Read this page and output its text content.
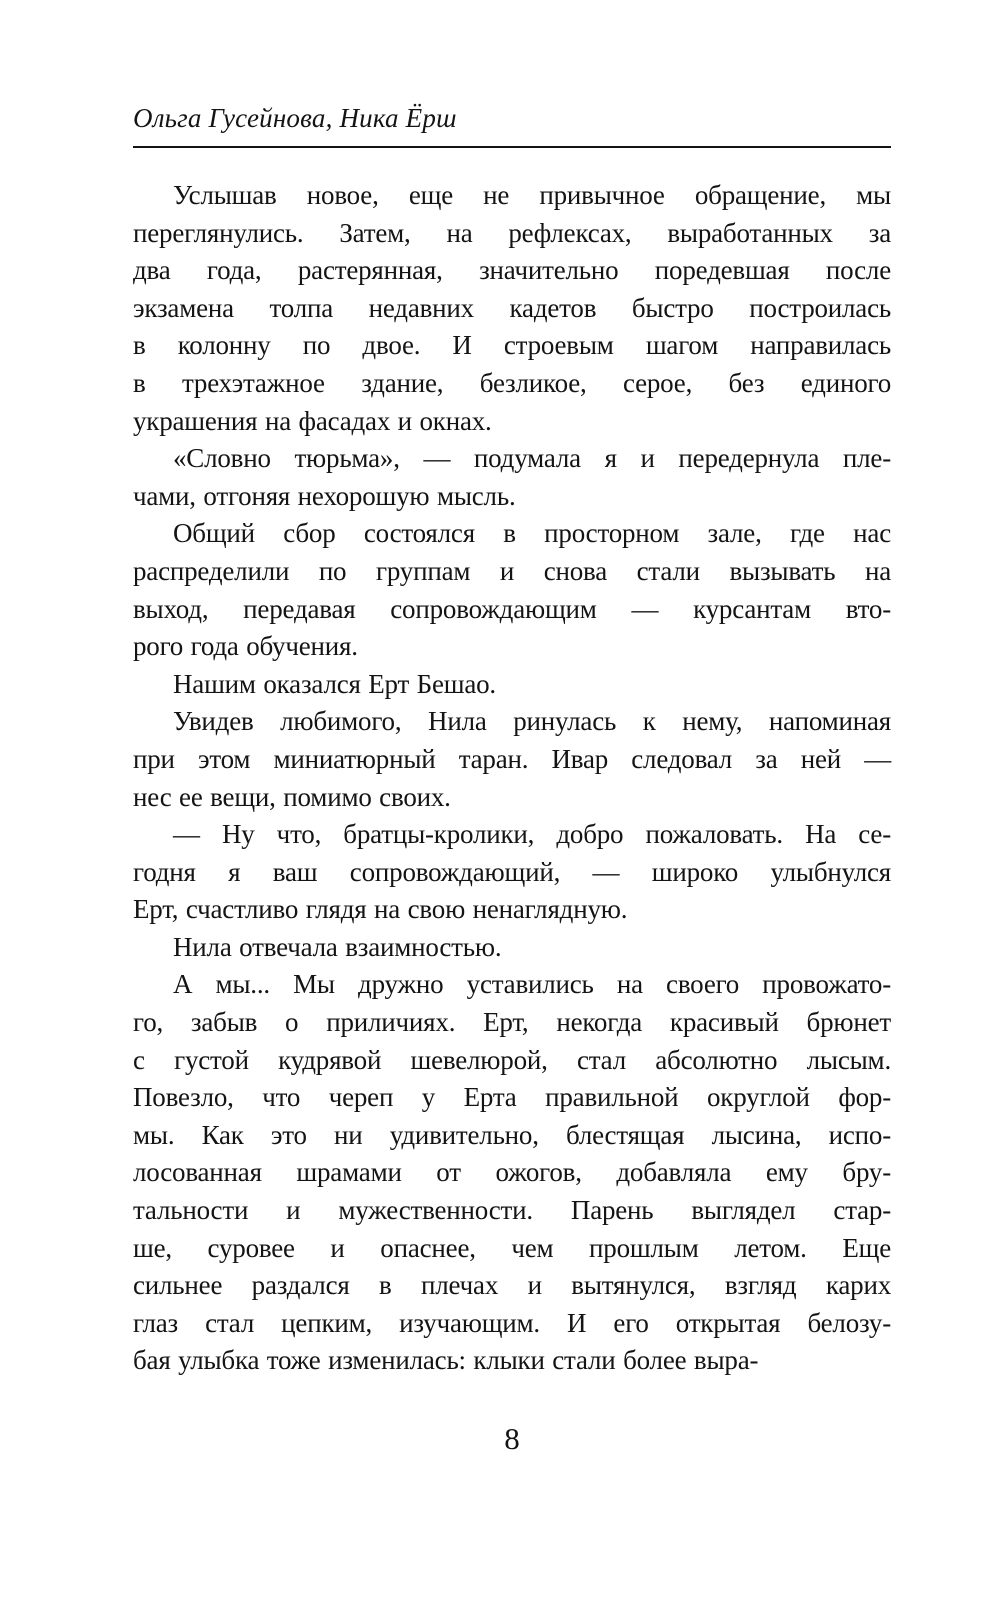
Ольга Гусейнова, Ника Ёрш
Услышав новое, еще не привычное обращение, мы
переглянулись. Затем, на рефлексах, выработанных за
два года, растерянная, значительно поредевшая после
экзамена толпа недавних кадетов быстро построилась
в колонну по двое. И строевым шагом направилась
в трехэтажное здание, безликое, серое, без единого
украшения на фасадах и окнах.
«Словно тюрьма», — подумала я и передернула пле-
чами, отгоняя нехорошую мысль.
Общий сбор состоялся в просторном зале, где нас
распределили по группам и снова стали вызывать на
выход, передавая сопровождающим — курсантам вто-
рого года обучения.
Нашим оказался Ерт Бешао.
Увидев любимого, Нила ринулась к нему, напоминая
при этом миниатюрный таран. Ивар следовал за ней —
нес ее вещи, помимо своих.
— Ну что, братцы-кролики, добро пожаловать. На се-
годня я ваш сопровождающий, — широко улыбнулся
Ерт, счастливо глядя на свою ненаглядную.
Нила отвечала взаимностью.
А мы... Мы дружно уставились на своего провожато-
го, забыв о приличиях. Ерт, некогда красивый брюнет
с густой кудрявой шевелюрой, стал абсолютно лысым.
Повезло, что череп у Ерта правильной округлой фор-
мы. Как это ни удивительно, блестящая лысина, испо-
лосованная шрамами от ожогов, добавляла ему бру-
тальности и мужественности. Парень выглядел стар-
ше, суровее и опаснее, чем прошлым летом. Еще
сильнее раздался в плечах и вытянулся, взгляд карих
глаз стал цепким, изучающим. И его открытая белозу-
бая улыбка тоже изменилась: клыки стали более выра-
8
